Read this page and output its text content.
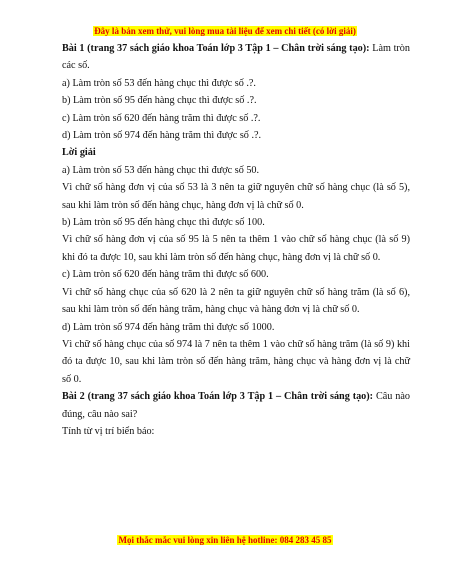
Đây là bản xem thử, vui lòng mua tài liệu để xem chi tiết (có lời giải)

Bài 1 (trang 37 sách giáo khoa Toán lớp 3 Tập 1 – Chân trời sáng tạo): Làm tròn các số.

a) Làm tròn số 53 đến hàng chục thì được số .?.

b) Làm tròn số 95 đến hàng chục thì được số .?.

c) Làm tròn số 620 đến hàng trăm thì được số .?.

d) Làm tròn số 974 đến hàng trăm thì được số .?.

Lời giải

a) Làm tròn số 53 đến hàng chục thì được số 50.

Vì chữ số hàng đơn vị của số 53 là 3 nên ta giữ nguyên chữ số hàng chục (là số 5), sau khi làm tròn số đến hàng chục, hàng đơn vị là chữ số 0.

b) Làm tròn số 95 đến hàng chục thì được số 100.

Vì chữ số hàng đơn vị của số 95 là 5 nên ta thêm 1 vào chữ số hàng chục (là số 9) khi đó ta được 10, sau khi làm tròn số đến hàng chục, hàng đơn vị là chữ số 0.

c) Làm tròn số 620 đến hàng trăm thì được số 600.

Vì chữ số hàng chục của số 620 là 2 nên ta giữ nguyên chữ số hàng trăm (là số 6), sau khi làm tròn số đến hàng trăm, hàng chục và hàng đơn vị là chữ số 0.

d) Làm tròn số 974 đến hàng trăm thì được số 1000.

Vì chữ số hàng chục của số 974 là 7 nên ta thêm 1 vào chữ số hàng trăm (là số 9) khi đó ta được 10, sau khi làm tròn số đến hàng trăm, hàng chục và hàng đơn vị là chữ số 0.

Bài 2 (trang 37 sách giáo khoa Toán lớp 3 Tập 1 – Chân trời sáng tạo): Câu nào đúng, câu nào sai?

Tính từ vị trí biển báo:

Mọi thắc mắc vui lòng xin liên hệ hotline: 084 283 45 85
